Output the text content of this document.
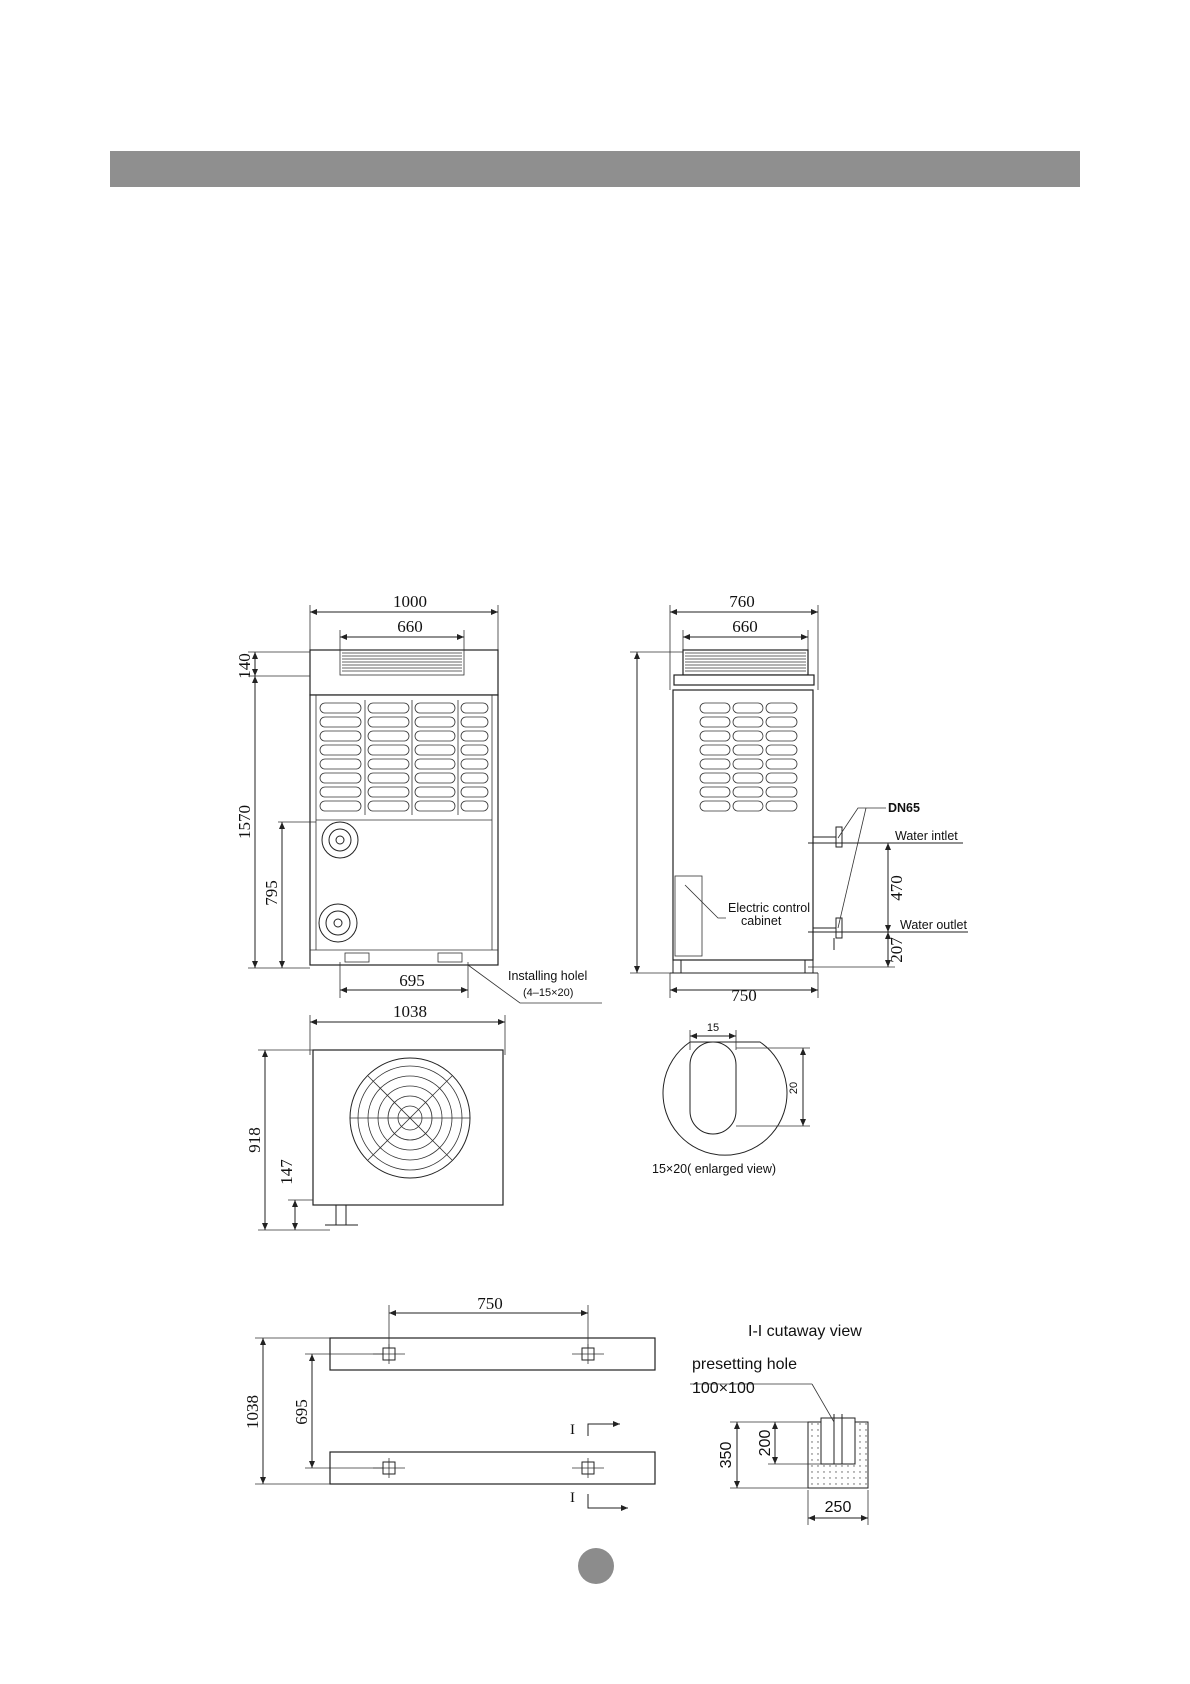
1000
660
140
1570
795
695	Installing holel
(4–15×20)
760
660
DN65
Water intlet
Water outlet
Electric control
cabinet
470
207
750
1038
918
147
15
20
15×20( enlarged view)
750
1038 695
I
I
I-I cutaway view
presetting hole
100×100
350 200
250
